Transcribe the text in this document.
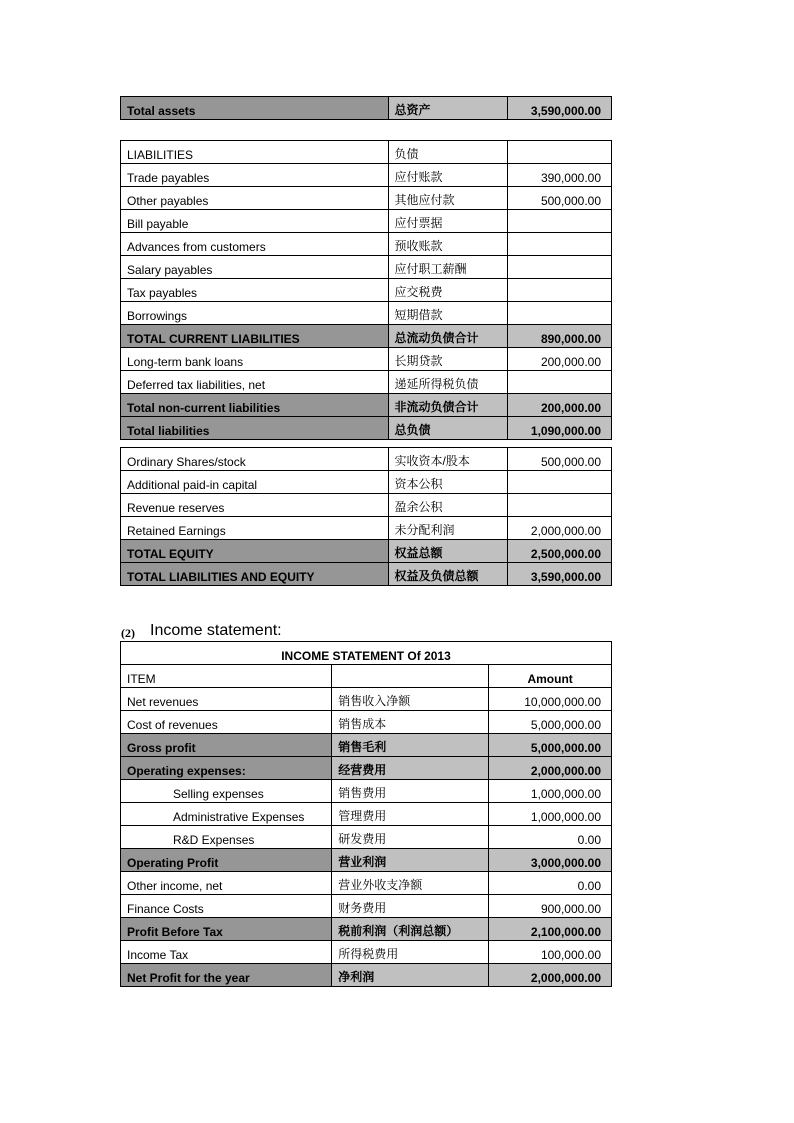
Total assets	总资产	3,590,000.00
LIABILITIES	负债	
Trade payables	应付账款	390,000.00
Other payables	其他应付款	500,000.00
Bill payable	应付票据	
Advances from customers	预收账款	
Salary payables	应付职工薪酬	
Tax payables	应交税费	
Borrowings	短期借款	
TOTAL CURRENT LIABILITIES	总流动负债合计	890,000.00
Long-term bank loans	长期贷款	200,000.00
Deferred tax liabilities, net	递延所得税负债	
Total non-current liabilities	非流动负债合计	200,000.00
Total liabilities	总负债	1,090,000.00
Ordinary Shares/stock	实收资本/股本	500,000.00
Additional paid-in capital	资本公积	
Revenue reserves	盈余公积	
Retained Earnings	未分配利润	2,000,000.00
TOTAL EQUITY	权益总额	2,500,000.00
TOTAL LIABILITIES AND EQUITY	权益及负债总额	3,590,000.00
(2) Income statement:
INCOME STATEMENT Of 2013		
ITEM		Amount
Net revenues	销售收入净额	10,000,000.00
Cost of revenues	销售成本	5,000,000.00
Gross profit	销售毛利	5,000,000.00
Operating expenses:	经营费用	2,000,000.00
Selling expenses	销售费用	1,000,000.00
Administrative Expenses	管理费用	1,000,000.00
R&D Expenses	研发费用	0.00
Operating Profit	营业利润	3,000,000.00
Other income, net	营业外收支净额	0.00
Finance Costs	财务费用	900,000.00
Profit Before Tax	税前利润（利润总额）	2,100,000.00
Income Tax	所得税费用	100,000.00
Net Profit for the year	净利润	2,000,000.00
